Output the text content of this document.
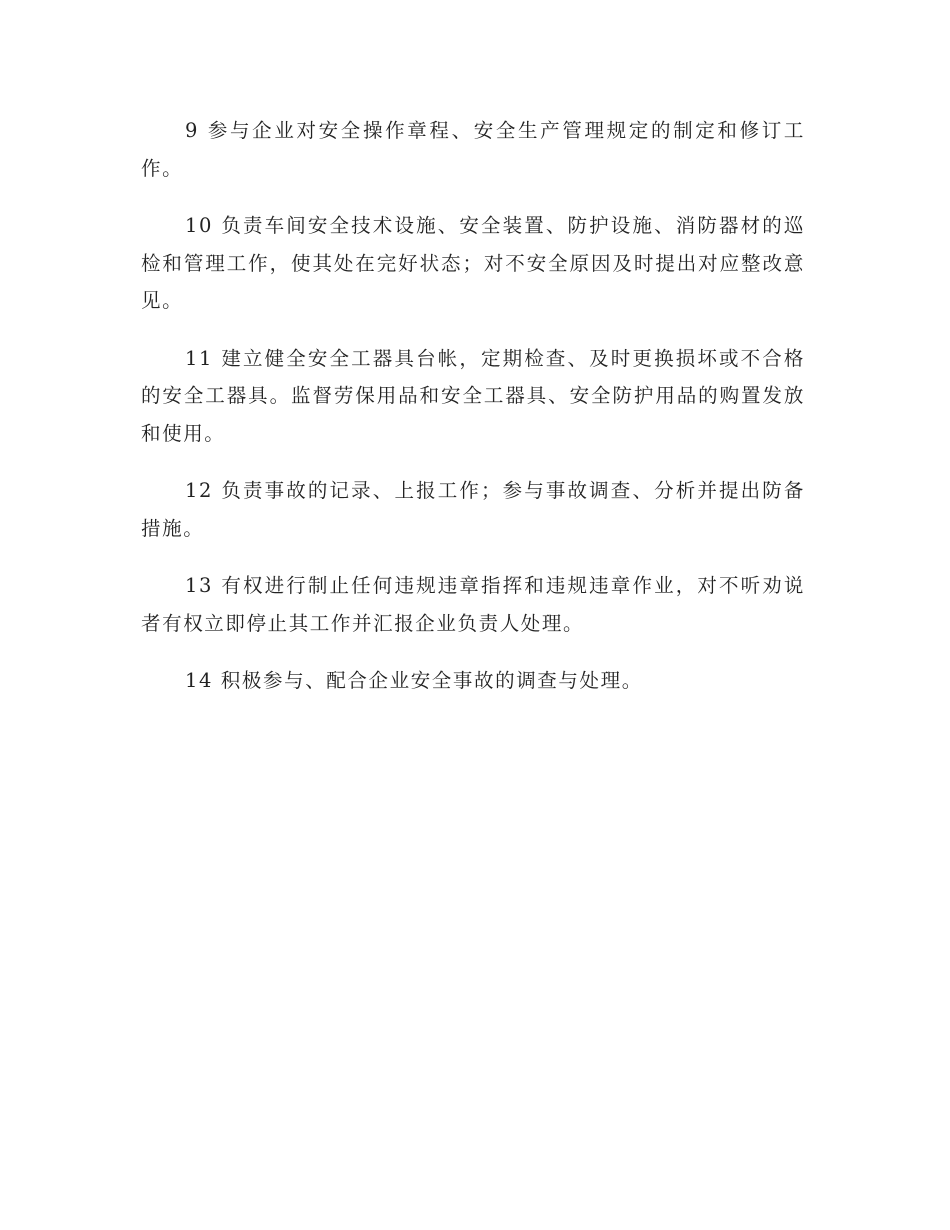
9 参与企业对安全操作章程、安全生产管理规定的制定和修订工作。

10 负责车间安全技术设施、安全装置、防护设施、消防器材的巡检和管理工作，使其处在完好状态；对不安全原因及时提出对应整改意见。

11 建立健全安全工器具台帐，定期检查、及时更换损坏或不合格的安全工器具。监督劳保用品和安全工器具、安全防护用品的购置发放和使用。

12 负责事故的记录、上报工作；参与事故调查、分析并提出防备措施。

13 有权进行制止任何违规违章指挥和违规违章作业，对不听劝说者有权立即停止其工作并汇报企业负责人处理。

14 积极参与、配合企业安全事故的调查与处理。
